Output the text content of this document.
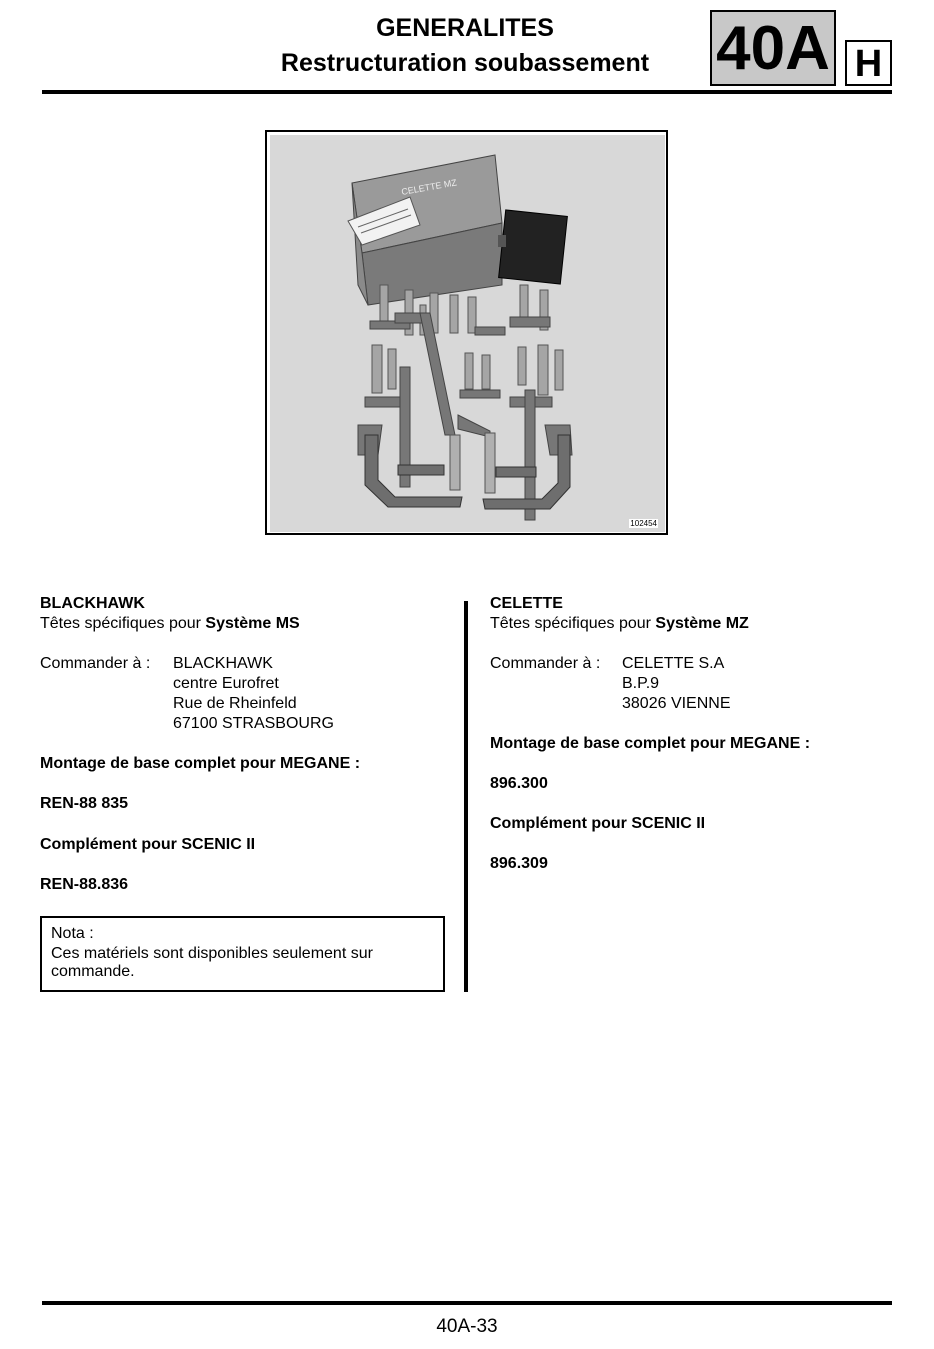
GENERALITES
Restructuration soubassement	40A H
CELETTE MZ
102454
BLACKHAWK
Têtes spécifiques pour Système MS
Commander à :	BLACKHAWK
centre Eurofret
Rue de Rheinfeld
67100 STRASBOURG
Montage de base complet pour MEGANE :
REN-88 835
Complément pour SCENIC II
REN-88.836
Nota :
Ces matériels sont disponibles seulement sur commande.
CELETTE
Têtes spécifiques pour Système MZ
Commander à :	CELETTE S.A
B.P.9
38026 VIENNE
Montage de base complet pour MEGANE :
896.300
Complément pour SCENIC II
896.309
40A-33
